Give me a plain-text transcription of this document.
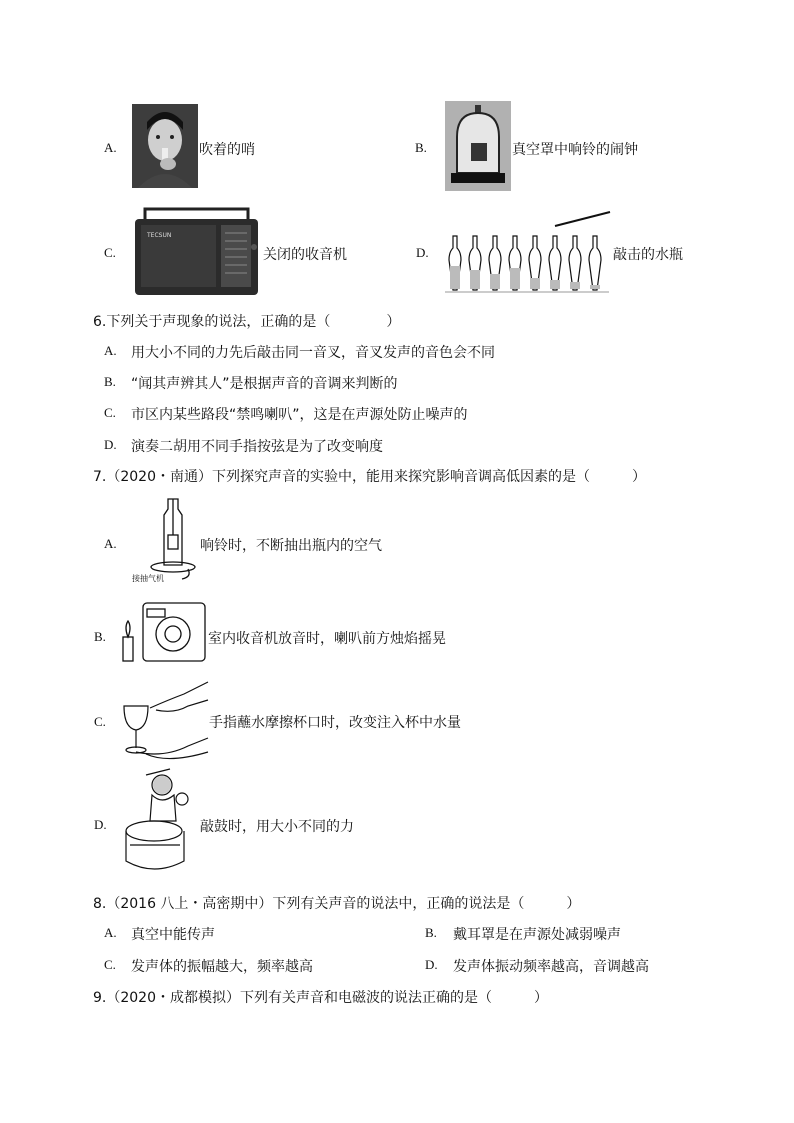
A.	吹着的哨	B.	真空罩中响铃的闹钟
C.
TECSUN
关闭的收音机	D.	敲击的水瓶
6.下列关于声现象的说法，正确的是（　　　　）
A. 用大小不同的力先后敲击同一音叉，音叉发声的音色会不同
B. “闻其声辨其人”是根据声音的音调来判断的
C. 市区内某些路段“禁鸣喇叭”，这是在声源处防止噪声的
D. 演奏二胡用不同手指按弦是为了改变响度
7.（2020・南通）下列探究声音的实验中，能用来探究影响音调高低因素的是（　　　）
A.
接抽气机
响铃时，不断抽出瓶内的空气
B.	室内收音机放音时，喇叭前方烛焰摇晃
C.	手指蘸水摩擦杯口时，改变注入杯中水量
D.	敲鼓时，用大小不同的力
8.（2016 八上・高密期中）下列有关声音的说法中，正确的说法是（　　　）
A. 真空中能传声	B. 戴耳罩是在声源处减弱噪声
C. 发声体的振幅越大，频率越高	D. 发声体振动频率越高，音调越高
9.（2020・成都模拟）下列有关声音和电磁波的说法正确的是（　　　）
